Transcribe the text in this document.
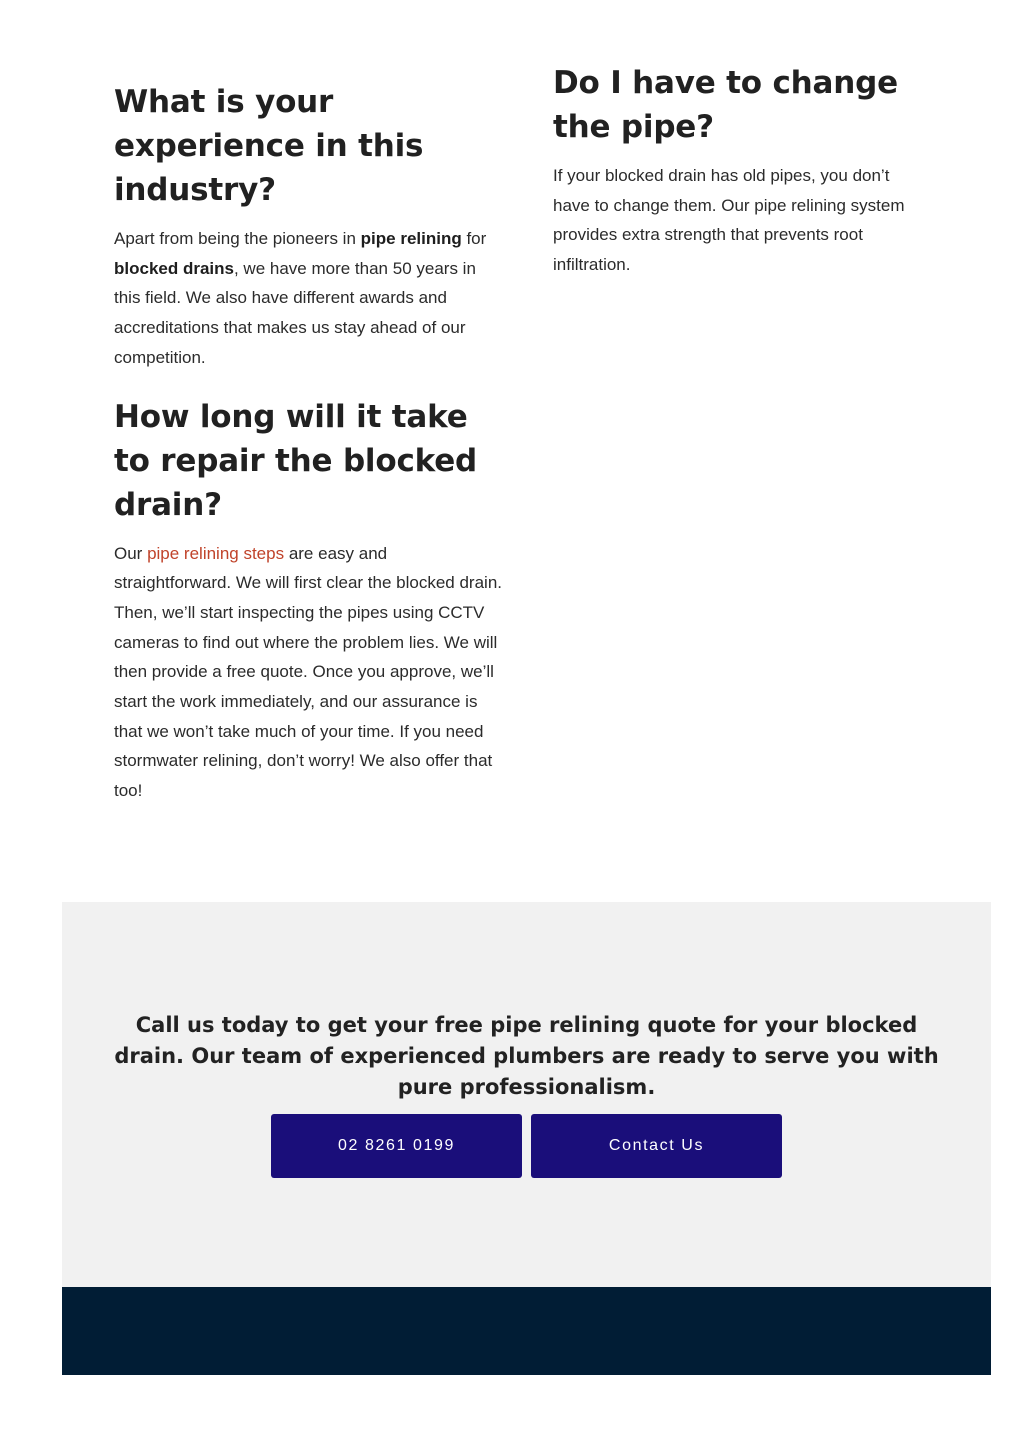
What is your experience in this industry?

Apart from being the pioneers in pipe relining for blocked drains, we have more than 50 years in this field. We also have different awards and accreditations that makes us stay ahead of our competition.

How long will it take to repair the blocked drain?

Our pipe relining steps are easy and straightforward. We will first clear the blocked drain. Then, we’ll start inspecting the pipes using CCTV cameras to find out where the problem lies. We will then provide a free quote. Once you approve, we’ll start the work immediately, and our assurance is that we won’t take much of your time. If you need stormwater relining, don’t worry! We also offer that too!

Do I have to change the pipe?

If your blocked drain has old pipes, you don’t have to change them. Our pipe relining system provides extra strength that prevents root infiltration.

Call us today to get your free pipe relining quote for your blocked drain. Our team of experienced plumbers are ready to serve you with pure professionalism.

02 8261 0199	Contact Us
